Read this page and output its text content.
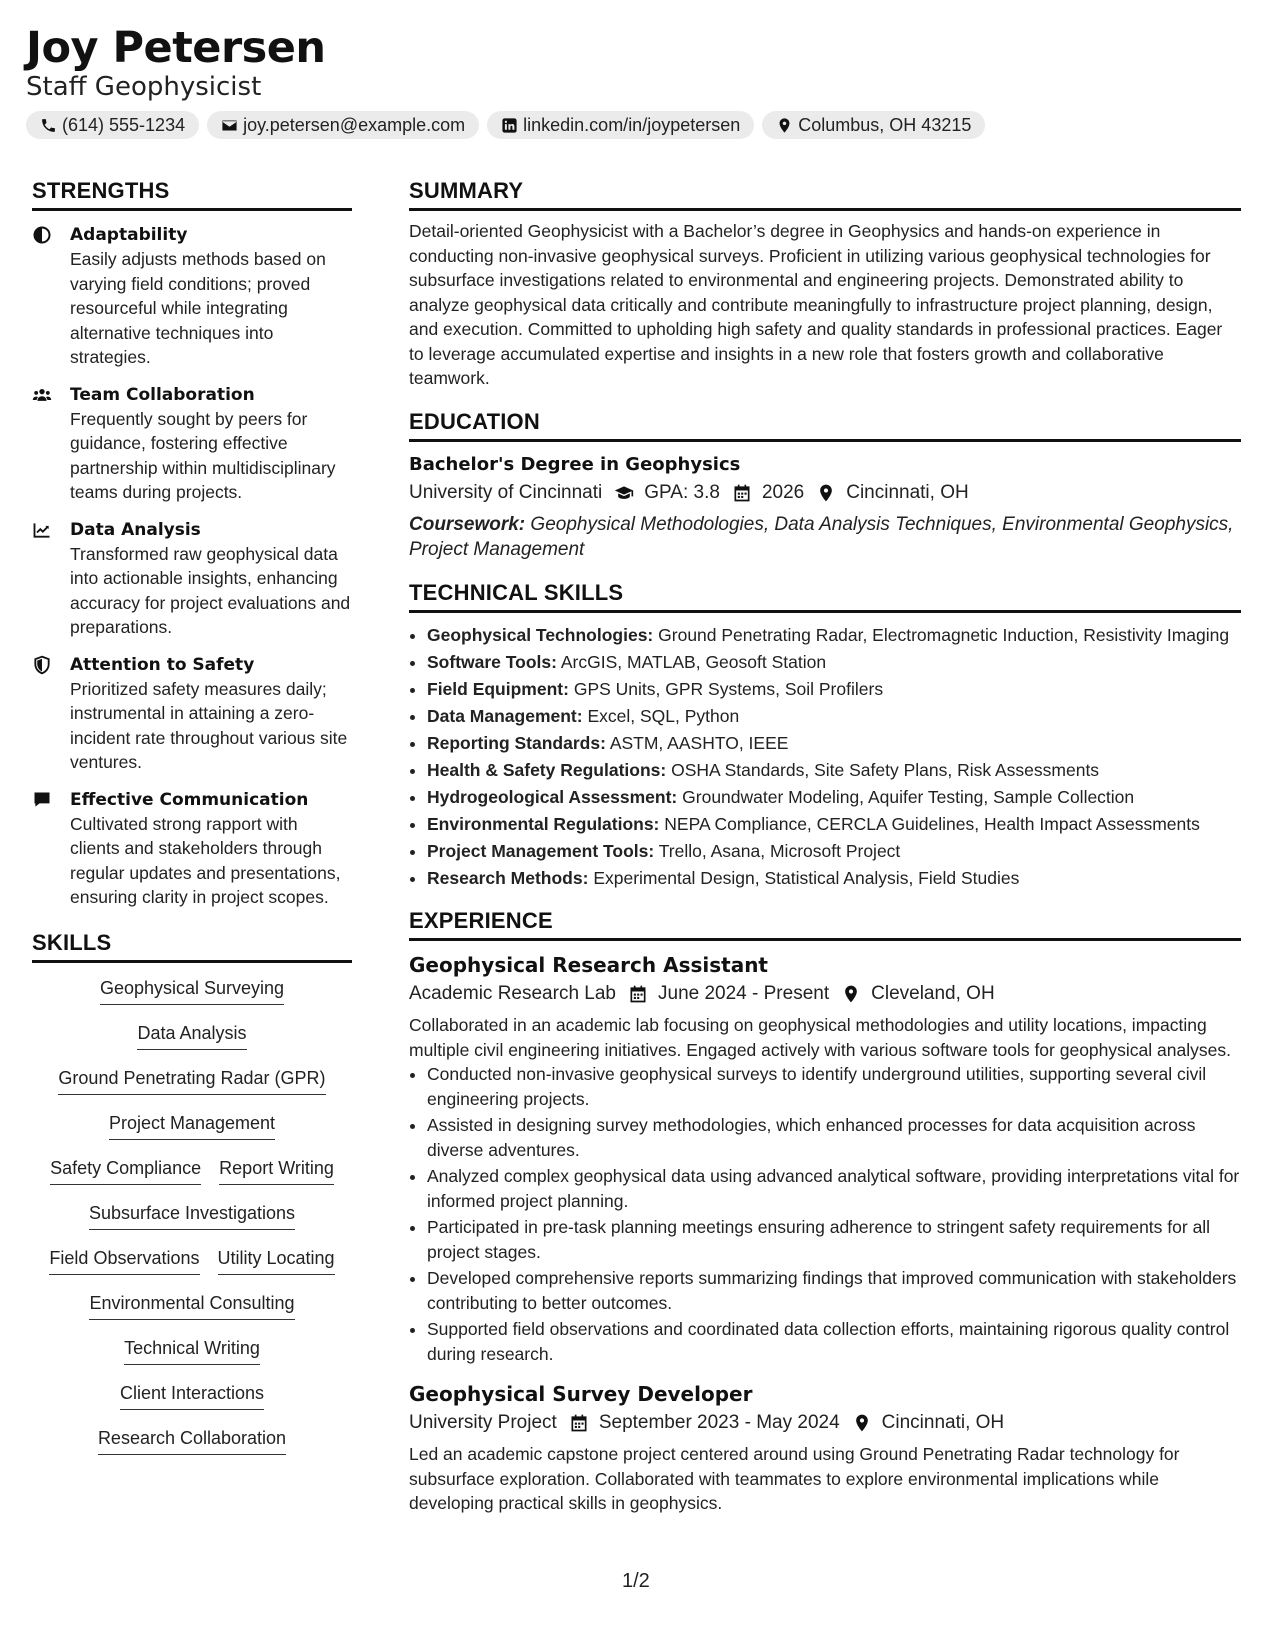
Joy Petersen
Staff Geophysicist
(614) 555-1234	joy.petersen@example.com	linkedin.com/in/joypetersen	Columbus, OH 43215
STRENGTHS
Adaptability
Easily adjusts methods based on varying field conditions; proved resourceful while integrating alternative techniques into strategies.
Team Collaboration
Frequently sought by peers for guidance, fostering effective partnership within multidisciplinary teams during projects.
Data Analysis
Transformed raw geophysical data into actionable insights, enhancing accuracy for project evaluations and preparations.
Attention to Safety
Prioritized safety measures daily; instrumental in attaining a zero-incident rate throughout various site ventures.
Effective Communication
Cultivated strong rapport with clients and stakeholders through regular updates and presentations, ensuring clarity in project scopes.
SKILLS
Geophysical Surveying
Data Analysis
Ground Penetrating Radar (GPR)
Project Management
Safety Compliance Report Writing
Subsurface Investigations
Field Observations Utility Locating
Environmental Consulting
Technical Writing
Client Interactions
Research Collaboration
SUMMARY
Detail-oriented Geophysicist with a Bachelor’s degree in Geophysics and hands-on experience in conducting non-invasive geophysical surveys. Proficient in utilizing various geophysical technologies for subsurface investigations related to environmental and engineering projects. Demonstrated ability to analyze geophysical data critically and contribute meaningfully to infrastructure project planning, design, and execution. Committed to upholding high safety and quality standards in professional practices. Eager to leverage accumulated expertise and insights in a new role that fosters growth and collaborative teamwork.
EDUCATION
Bachelor's Degree in Geophysics
University of Cincinnati GPA: 3.8 2026 Cincinnati, OH
Coursework: Geophysical Methodologies, Data Analysis Techniques, Environmental Geophysics, Project Management
TECHNICAL SKILLS
• Geophysical Technologies: Ground Penetrating Radar, Electromagnetic Induction, Resistivity Imaging
• Software Tools: ArcGIS, MATLAB, Geosoft Station
• Field Equipment: GPS Units, GPR Systems, Soil Profilers
• Data Management: Excel, SQL, Python
• Reporting Standards: ASTM, AASHTO, IEEE
• Health & Safety Regulations: OSHA Standards, Site Safety Plans, Risk Assessments
• Hydrogeological Assessment: Groundwater Modeling, Aquifer Testing, Sample Collection
• Environmental Regulations: NEPA Compliance, CERCLA Guidelines, Health Impact Assessments
• Project Management Tools: Trello, Asana, Microsoft Project
• Research Methods: Experimental Design, Statistical Analysis, Field Studies
EXPERIENCE
Geophysical Research Assistant
Academic Research Lab June 2024 - Present Cleveland, OH
Collaborated in an academic lab focusing on geophysical methodologies and utility locations, impacting multiple civil engineering initiatives. Engaged actively with various software tools for geophysical analyses.
• Conducted non-invasive geophysical surveys to identify underground utilities, supporting several civil engineering projects.
• Assisted in designing survey methodologies, which enhanced processes for data acquisition across diverse adventures.
• Analyzed complex geophysical data using advanced analytical software, providing interpretations vital for informed project planning.
• Participated in pre-task planning meetings ensuring adherence to stringent safety requirements for all project stages.
• Developed comprehensive reports summarizing findings that improved communication with stakeholders contributing to better outcomes.
• Supported field observations and coordinated data collection efforts, maintaining rigorous quality control during research.
Geophysical Survey Developer
University Project September 2023 - May 2024 Cincinnati, OH
Led an academic capstone project centered around using Ground Penetrating Radar technology for subsurface exploration. Collaborated with teammates to explore environmental implications while developing practical skills in geophysics.
1/2
